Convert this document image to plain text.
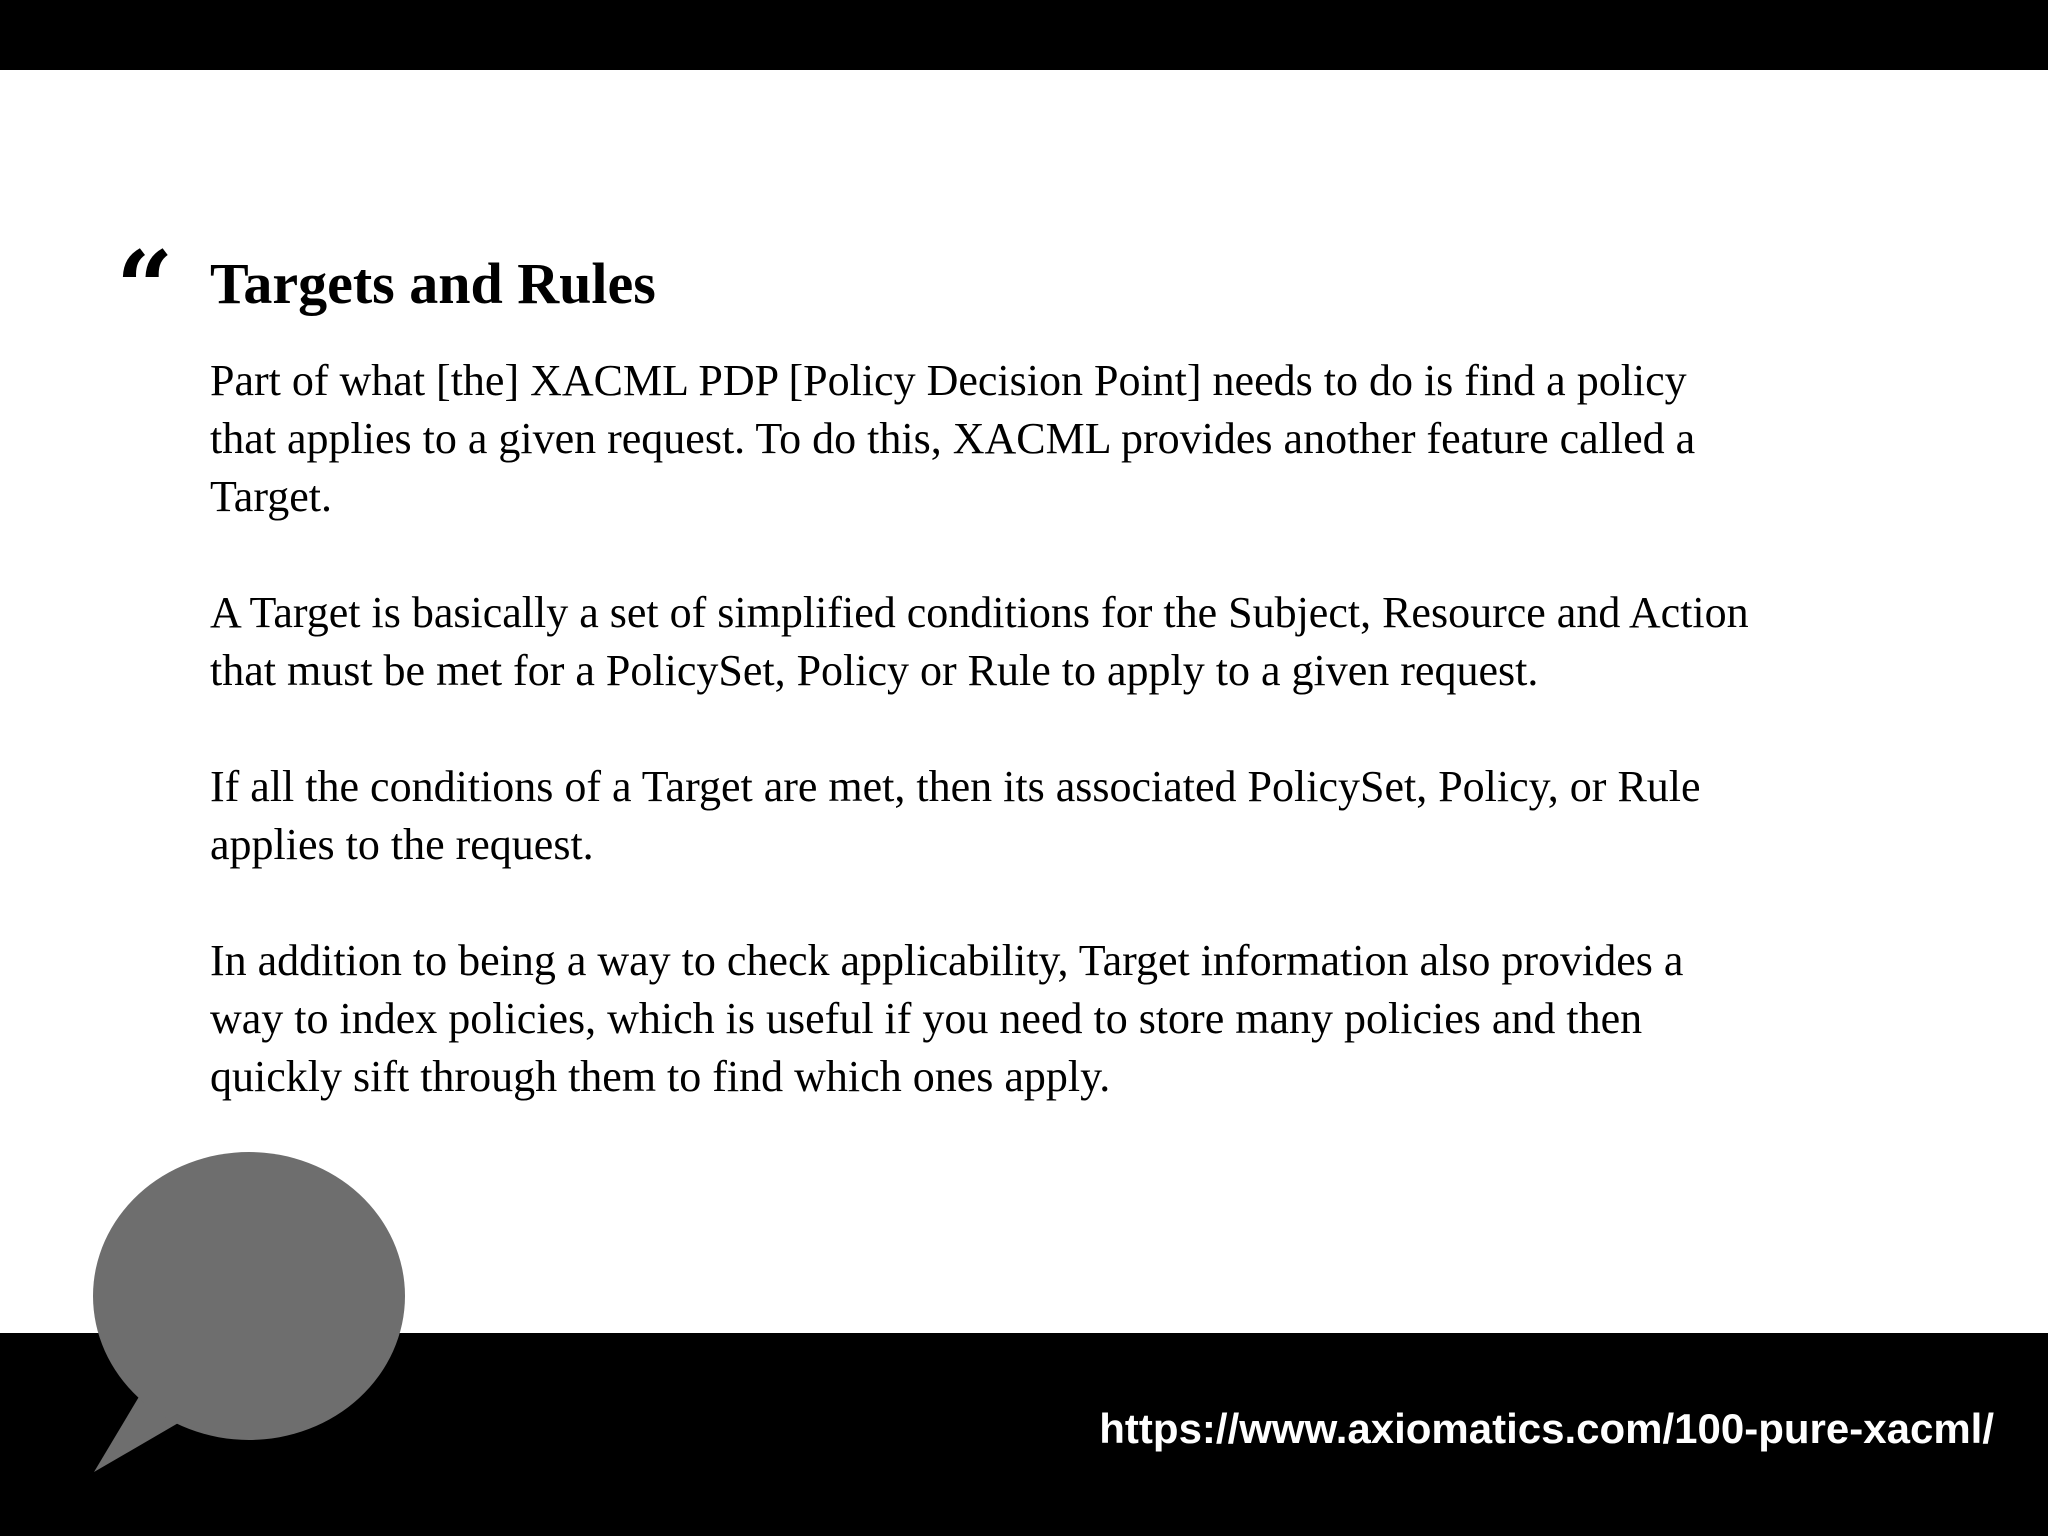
“ Targets and Rules

Part of what [the] XACML PDP [Policy Decision Point] needs to do is find a policy
that applies to a given request. To do this, XACML provides another feature called a
Target.

A Target is basically a set of simplified conditions for the Subject, Resource and Action
that must be met for a PolicySet, Policy or Rule to apply to a given request.

If all the conditions of a Target are met, then its associated PolicySet, Policy, or Rule
applies to the request.

In addition to being a way to check applicability, Target information also provides a
way to index policies, which is useful if you need to store many policies and then
quickly sift through them to find which ones apply.

https://www.axiomatics.com/100-pure-xacml/
